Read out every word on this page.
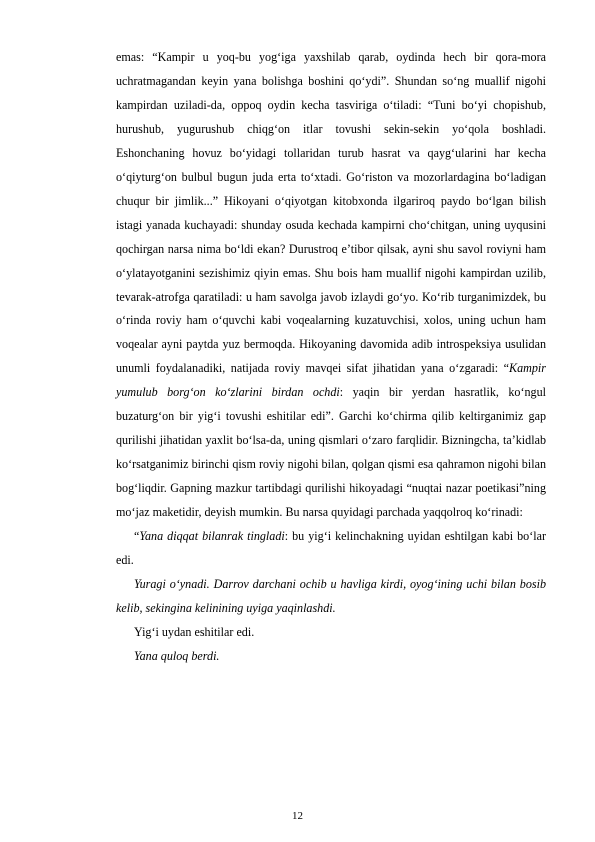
emas: “Kampir u yoq-bu yog‘iga yaxshilab qarab, oydinda hech bir qora-mora uchratmagandan keyin yana bolishga boshini qo‘ydi”. Shundan so‘ng muallif nigohi kampirdan uziladi-da, oppoq oydin kecha tasviriga o‘tiladi: “Tuni bo‘yi chopishub, hurushub, yugurushub chiqg‘on itlar tovushi sekin-sekin yo‘qola boshladi. Eshonchaning hovuz bo‘yidagi tollaridan turub hasrat va qayg‘ularini har kecha o‘qiyturg‘on bulbul bugun juda erta to‘xtadi. Go‘riston va mozorlardagina bo‘ladigan chuqur bir jimlik...” Hikoyani o‘qiyotgan kitobxonda ilgariroq paydo bo‘lgan bilish istagi yanada kuchayadi: shunday osuda kechada kampirni cho‘chitgan, uning uyqusini qochirgan narsa nima bo‘ldi ekan? Durustroq e’tibor qilsak, ayni shu savol roviyni ham o‘ylatayotganini sezishimiz qiyin emas. Shu bois ham muallif nigohi kampirdan uzilib, tevarak-atrofga qaratiladi: u ham savolga javob izlaydi go‘yo. Ko‘rib turganimizdek, bu o‘rinda roviy ham o‘quvchi kabi voqealarning kuzatuvchisi, xolos, uning uchun ham voqealar ayni paytda yuz bermoqda. Hikoyaning davomida adib introspeksiya usulidan unumli foydalanadiki, natijada roviy mavqei sifat jihatidan yana o‘zgaradi: “Kampir yumulub borg‘on ko‘zlarini birdan ochdi: yaqin bir yerdan hasratlik, ko‘ngul buzaturg‘on bir yig‘i tovushi eshitilar edi”. Garchi ko‘chirma qilib keltirganimiz gap qurilishi jihatidan yaxlit bo‘lsa-da, uning qismlari o‘zaro farqlidir. Bizningcha, ta’kidlab ko‘rsatganimiz birinchi qism roviy nigohi bilan, qolgan qismi esa qahramon nigohi bilan bog‘liqdir. Gapning mazkur tartibdagi qurilishi hikoyadagi “nuqtai nazar poetikasi”ning mo‘jaz maketidir, deyish mumkin. Bu narsa quyidagi parchada yaqqolroq ko‘rinadi:

“Yana diqqat bilanrak tingladi: bu yig‘i kelinchakning uyidan eshtilgan kabi bo‘lar edi.

Yuragi o‘ynadi. Darrov darchani ochib u havliga kirdi, oyog‘ining uchi bilan bosib kelib, sekingina kelinining uyiga yaqinlashdi.

Yig‘i uydan eshitilar edi.

Yana quloq berdi.

12
